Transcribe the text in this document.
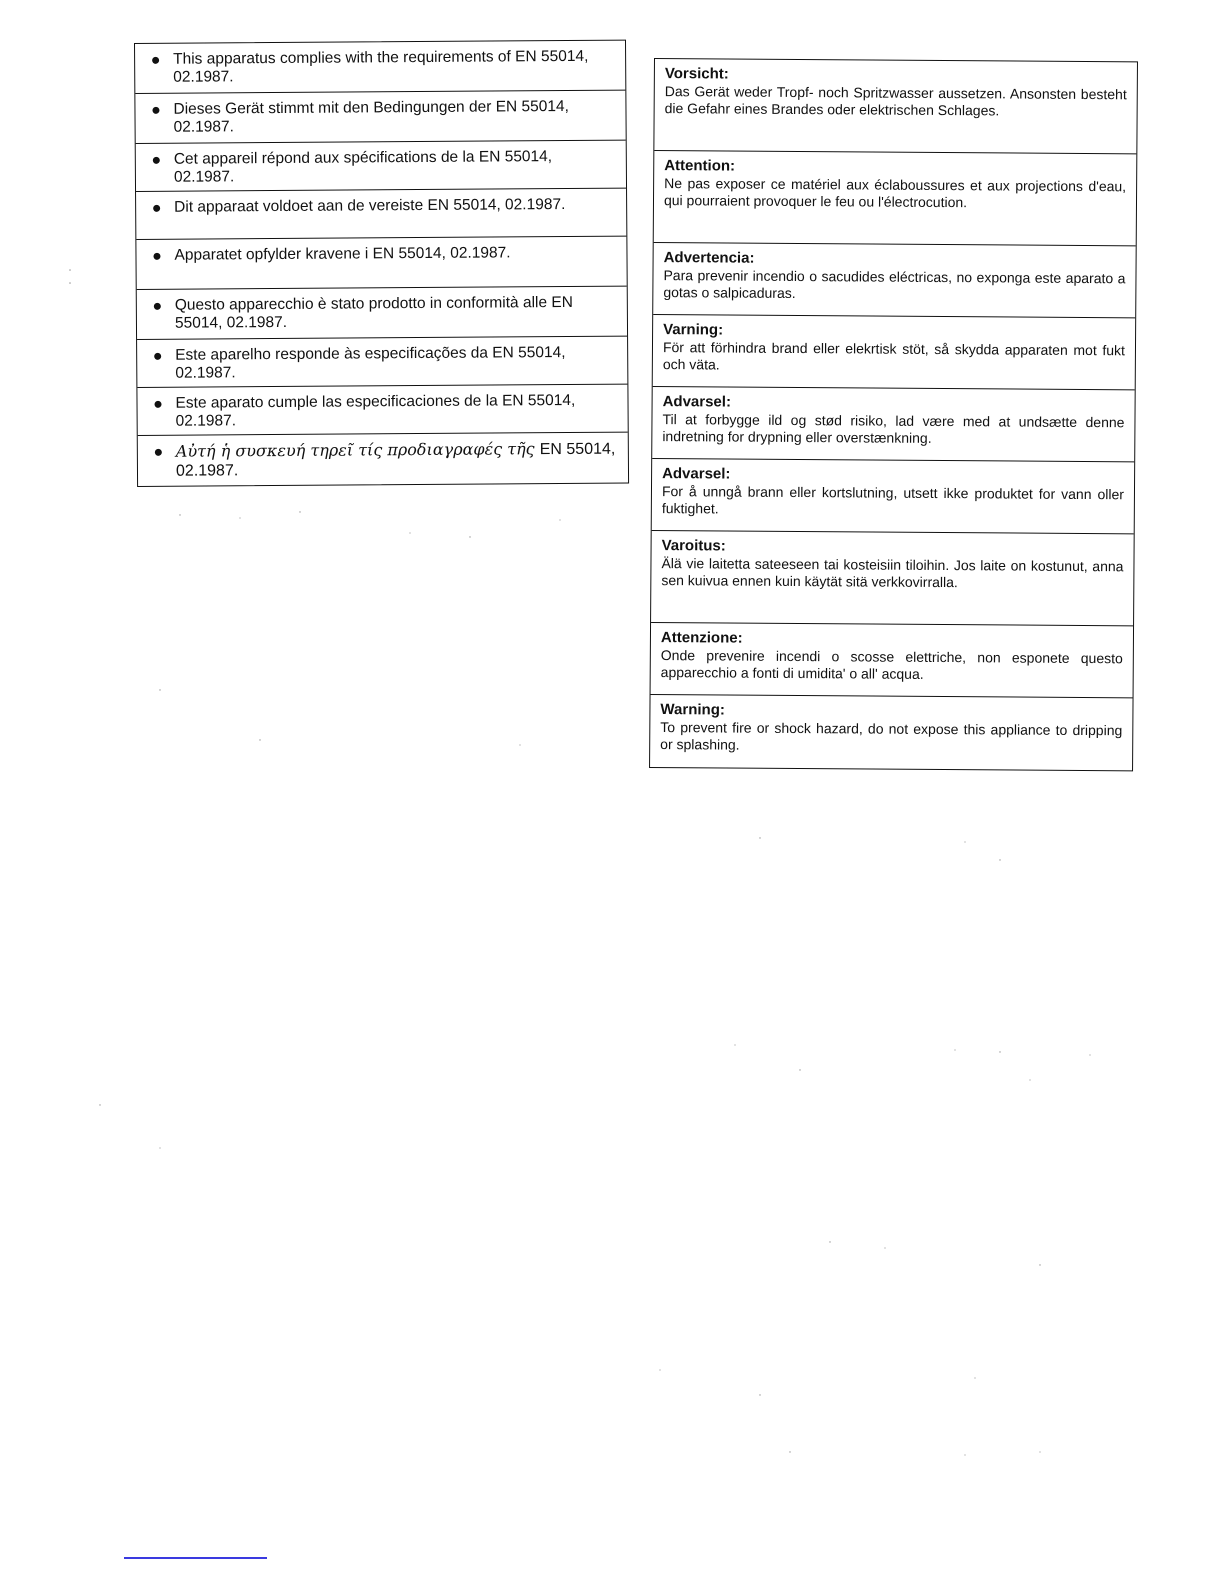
This apparatus complies with the requirements of EN 55014, 02.1987.
Dieses Gerät stimmt mit den Bedingungen der EN 55014, 02.1987.
Cet appareil répond aux spécifications de la EN 55014, 02.1987.
Dit apparaat voldoet aan de vereiste EN 55014, 02.1987.
Apparatet opfylder kravene i EN 55014, 02.1987.
Questo apparecchio è stato prodotto in conformità alle EN 55014, 02.1987.
Este aparelho responde às especificações da EN 55014, 02.1987.
Este aparato cumple las especificaciones de la EN 55014, 02.1987.
Αὐτή ἡ συσκευή τηρεῖ τίς προδιαγραφές τῆς EN 55014, 02.1987.
Vorsicht:
Das Gerät weder Tropf- noch Spritzwasser aussetzen. Ansonsten besteht die Gefahr eines Brandes oder elektrischen Schlages.
Attention:
Ne pas exposer ce matériel aux éclaboussures et aux projections d'eau, qui pourraient provoquer le feu ou l'électrocution.
Advertencia:
Para prevenir incendio o sacudides eléctricas, no exponga este aparato a gotas o salpicaduras.
Varning:
För att förhindra brand eller elekrtisk stöt, så skydda apparaten mot fukt och väta.
Advarsel:
Til at forbygge ild og stød risiko, lad være med at undsætte denne indretning for drypning eller overstænkning.
Advarsel:
For å unngå brann eller kortslutning, utsett ikke produktet for vann oller fuktighet.
Varoitus:
Älä vie laitetta sateeseen tai kosteisiin tiloihin. Jos laite on kostunut, anna sen kuivua ennen kuin käytät sitä verkkovirralla.
Attenzione:
Onde prevenire incendi o scosse elettriche, non esponete questo apparecchio a fonti di umidita' o all' acqua.
Warning:
To prevent fire or shock hazard, do not expose this appliance to dripping or splashing.
